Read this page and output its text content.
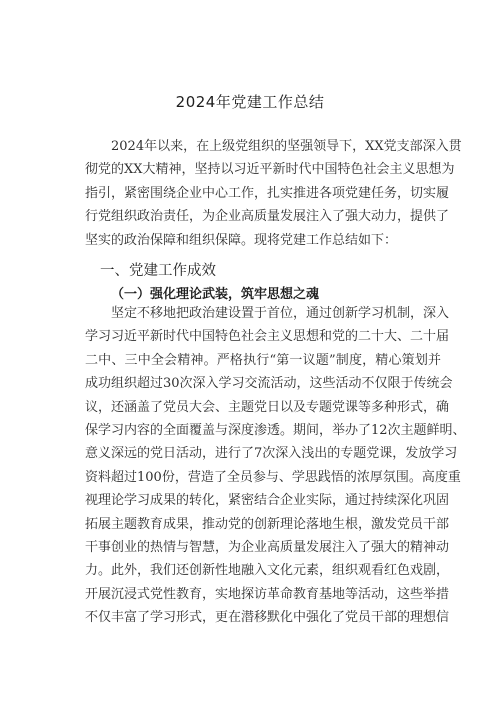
2024年党建工作总结
2024年以来，在上级党组织的坚强领导下，XX党支部深入贯
彻党的XX大精神，坚持以习近平新时代中国特色社会主义思想为
指引，紧密围绕企业中心工作，扎实推进各项党建任务，切实履
行党组织政治责任，为企业高质量发展注入了强大动力，提供了
坚实的政治保障和组织保障。现将党建工作总结如下：
一、党建工作成效
（一）强化理论武装，筑牢思想之魂
坚定不移地把政治建设置于首位，通过创新学习机制，深入
学习习近平新时代中国特色社会主义思想和党的二十大、二十届
二中、三中全会精神。严格执行“第一议题”制度，精心策划并
成功组织超过30次深入学习交流活动，这些活动不仅限于传统会
议，还涵盖了党员大会、主题党日以及专题党课等多种形式，确
保学习内容的全面覆盖与深度渗透。期间，举办了12次主题鲜明、
意义深远的党日活动，进行了7次深入浅出的专题党课，发放学习
资料超过100份，营造了全员参与、学思践悟的浓厚氛围。高度重
视理论学习成果的转化，紧密结合企业实际，通过持续深化巩固
拓展主题教育成果，推动党的创新理论落地生根，激发党员干部
干事创业的热情与智慧，为企业高质量发展注入了强大的精神动
力。此外，我们还创新性地融入文化元素，组织观看红色戏剧，
开展沉浸式党性教育，实地探访革命教育基地等活动，这些举措
不仅丰富了学习形式，更在潜移默化中强化了党员干部的理想信
